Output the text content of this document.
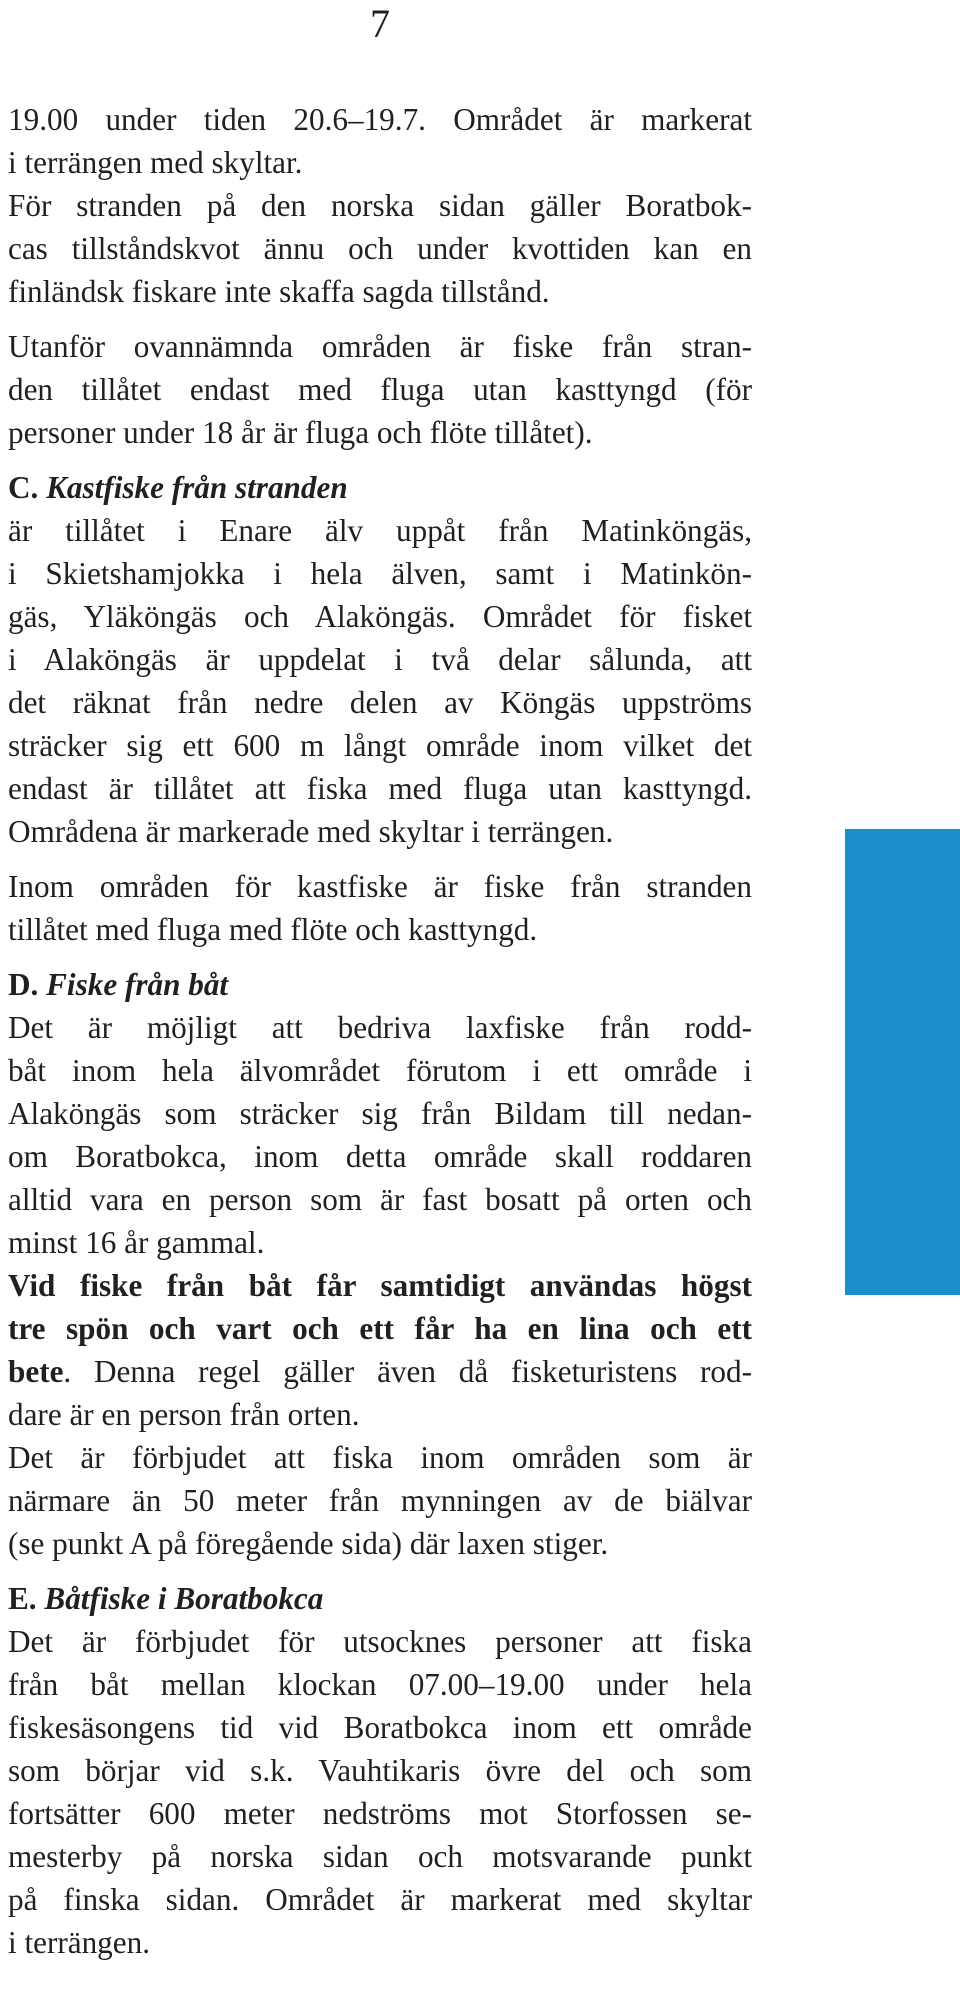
7
19.00 under tiden 20.6–19.7. Området är markerat
i terrängen med skyltar.
För stranden på den norska sidan gäller Boratbok-
cas tillståndskvot ännu och under kvottiden kan en
finländsk fiskare inte skaffa sagda tillstånd.
Utanför ovannämnda områden är fiske från stran-
den tillåtet endast med fluga utan kasttyngd (för
personer under 18 år är fluga och flöte tillåtet).
C. Kastfiske från stranden
är tillåtet i Enare älv uppåt från Matinköngäs,
i Skietshamjokka i hela älven, samt i Matinkön-
gäs, Yläköngäs och Alaköngäs. Området för fisket
i Alaköngäs är uppdelat i två delar sålunda, att
det räknat från nedre delen av Köngäs uppströms
sträcker sig ett 600 m långt område inom vilket det
endast är tillåtet att fiska med fluga utan kasttyngd.
Områdena är markerade med skyltar i terrängen.
Inom områden för kastfiske är fiske från stranden
tillåtet med fluga med flöte och kasttyngd.
D. Fiske från båt
Det är möjligt att bedriva laxfiske från rodd-
båt inom hela älvområdet förutom i ett område i
Alaköngäs som sträcker sig från Bildam till nedan-
om Boratbokca, inom detta område skall roddaren
alltid vara en person som är fast bosatt på orten och
minst 16 år gammal.
Vid fiske från båt får samtidigt användas högst
tre spön och vart och ett får ha en lina och ett
bete. Denna regel gäller även då fisketuristens rod-
dare är en person från orten.
Det är förbjudet att fiska inom områden som är
närmare än 50 meter från mynningen av de biälvar
(se punkt A på föregående sida) där laxen stiger.
E. Båtfiske i Boratbokca
Det är förbjudet för utsocknes personer att fiska
från båt mellan klockan 07.00–19.00 under hela
fiskesäsongens tid vid Boratbokca inom ett område
som börjar vid s.k. Vauhtikaris övre del och som
fortsätter 600 meter nedströms mot Storfossen se-
mesterby på norska sidan och motsvarande punkt
på finska sidan. Området är markerat med skyltar
i terrängen.
